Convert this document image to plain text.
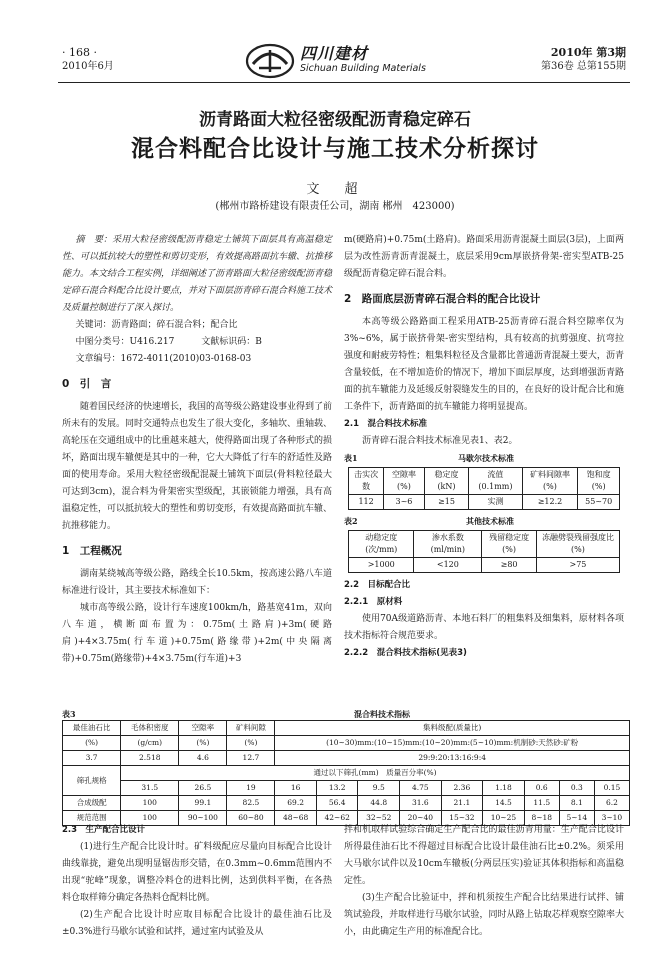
· 168 ·
2010年6月
四川建材
Sichuan Building Materials
2010年 第3期
第36卷 总第155期
沥青路面大粒径密级配沥青稳定碎石
混合料配合比设计与施工技术分析探讨
文　超
(郴州市路桥建设有限责任公司，湖南 郴州　423000)

摘　要：采用大粒径密级配沥青稳定土铺筑下面层具有高温稳定性、可以抵抗较大的塑性和剪切变形，有效提高路面抗车辙、抗推移能力。本文结合工程实例，详细阐述了沥青路面大粒径密级配沥青稳定碎石混合料配合比设计要点，并对下面层沥青碎石混合料施工技术及质量控制进行了深入探讨。

关键词：沥青路面；碎石混合料；配合比
中图分类号：U416.217　　　文献标识码：B
文章编号：1672-4011(2010)03-0168-03
0　引　言

随着国民经济的快速增长，我国的高等级公路建设事业得到了前所未有的发展。同时交通特点也发生了很大变化，多轴坎、重轴载、高轮压在交通组成中的比重越来越大，使得路面出现了各种形式的损坏，路面出现车辙便是其中的一种，它大大降低了行车的舒适性及路面的使用寿命。采用大粒径密级配混凝土铺筑下面层(骨料粒径最大可达到3cm)，混合料为骨架密实型级配，其嵌锁能力增强，具有高温稳定性，可以抵抗较大的塑性和剪切变形，有效提高路面抗车辙、抗推移能力。

1　工程概况

湖南某绕城高等级公路，路线全长10.5km，按高速公路八车道标准进行设计，其主要技术标准如下：

城市高等级公路，设计行车速度100km/h，路基宽41m，双向八车道，横断面布置为：0.75m(土路肩)+3m(硬路肩)+4×3.75m(行车道)+0.75m(路缘带)+2m(中央隔离带)+0.75m(路缘带)+4×3.75m(行车道)+3

m(硬路肩)+0.75m(土路肩)。路面采用沥青混凝土面层(3层)，上面两层为改性沥青沥青混凝土，底层采用9cm厚嵌挤骨架-密实型ATB-25级配沥青稳定碎石混合料。

2　路面底层沥青碎石混合料的配合比设计

本高等级公路路面工程采用ATB-25沥青碎石混合料空隙率仅为3%~6%，属于嵌挤骨架-密实型结构，具有较高的抗剪强度、抗弯拉强度和耐疲劳特性；粗集料粒径及含量都比普通沥青混凝土要大，沥青含量较低，在不增加造价的情况下，增加下面层厚度，达到增强沥青路面的抗车辙能力及延缓反射裂缝发生的目的，在良好的设计配合比和施工条件下，沥青路面的抗车辙能力将明显提高。

2.1　混合料技术标准

沥青碎石混合料技术标准见表1、表2。

表1	马歇尔技术标准
击实次数	空隙率(%)	稳定度(kN)	流值(0.1mm)	矿料间隙率(%)	饱和度(%)
112	3~6	≥15	实测	≥12.2	55~70
表2	其他技术标准
动稳定度(次/mm)	渗水系数(ml/min)	残留稳定度(%)	冻融劈裂残留强度比(%)
>1000	<120	≥80	>75
2.2　目标配合比
2.2.1　原材料

使用70A级道路沥青、本地石料厂的粗集料及细集料，原材料各项技术指标符合规范要求。

2.2.2　混合料技术指标(见表3)
表3	混合料技术指标
最佳油石比	毛体积密度	空隙率	矿料间隙	集料级配(质量比)								
(%)	(g/cm)	(%)	(%)	(10~30)mm:(10~15)mm:(10~20)mm:(5~10)mm:机制砂:天然砂:矿粉								
3.7	2.518	4.6	12.7	29:9:20:13:16:9:4								
筛孔规格	通过以下筛孔(mm)　质量百分率(%)											
	31.5	26.5	19	16	13.2	9.5	4.75	2.36	1.18	0.6	0.3	0.15
合成级配	100	99.1	82.5	69.2	56.4	44.8	31.6	21.1	14.5	11.5	8.1	6.2
规范范围	100	90~100	60~80	48~68	42~62	32~52	20~40	15~32	10~25	8~18	5~14	3~10
2.3　生产配合比设计

(1)进行生产配合比设计时。矿料级配应尽量向目标配合比设计曲线靠拢，避免出现明显锯齿形交错，在0.3mm~0.6mm范围内不出现“驼峰”现象，调整冷料仓的进料比例，达到供料平衡，在各热料仓取样筛分确定各热料仓配料比例。

(2)生产配合比设计时应取目标配合比设计的最佳油石比及±0.3%进行马歇尔试验和试拌，通过室内试验及从

拌和机取样试验综合确定生产配合比的最佳沥青用量：生产配合比设计所得最佳油石比不得超过目标配合比设计最佳油石比±0.2%。须采用大马歇尔试件以及10cm车辙板(分两层压实)验证其体积指标和高温稳定性。

(3)生产配合比验证中，拌和机须按生产配合比结果进行试拌、铺筑试验段，并取样进行马歇尔试验，同时从路上钻取芯样观察空隙率大小，由此确定生产用的标准配合比。
